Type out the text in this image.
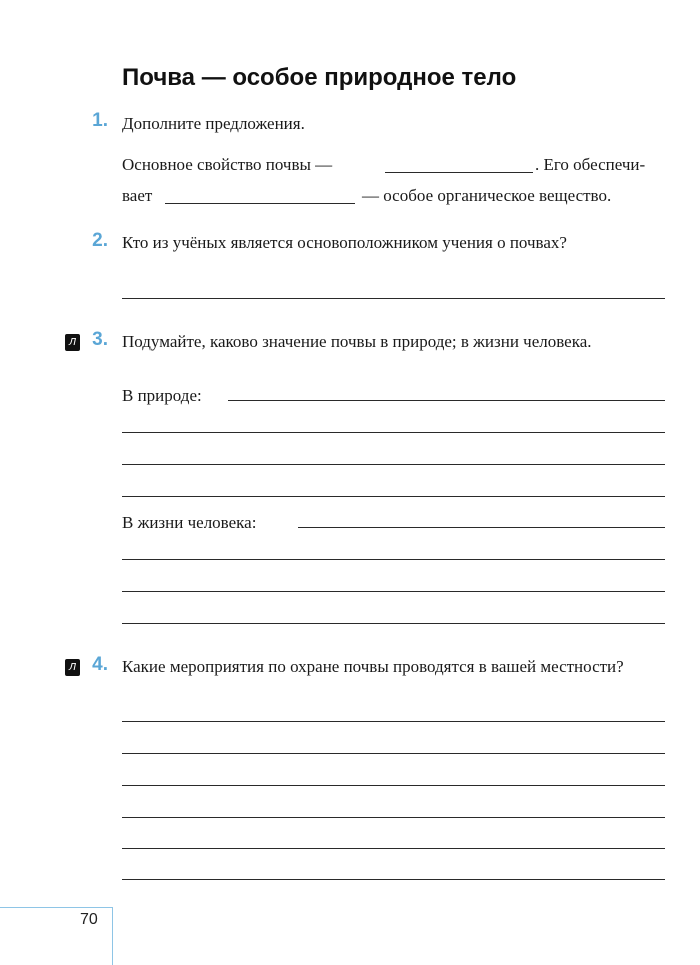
Почва — особое природное тело
1. Дополните предложения.
Основное свойство почвы —	. Его обеспечи-
вает	— особое органическое вещество.
2. Кто из учёных является основоположником учения о почвах?
Л 3. Подумайте, каково значение почвы в природе; в жизни человека.
В природе:
В жизни человека:
Л 4. Какие мероприятия по охране почвы проводятся в вашей местности?
70
